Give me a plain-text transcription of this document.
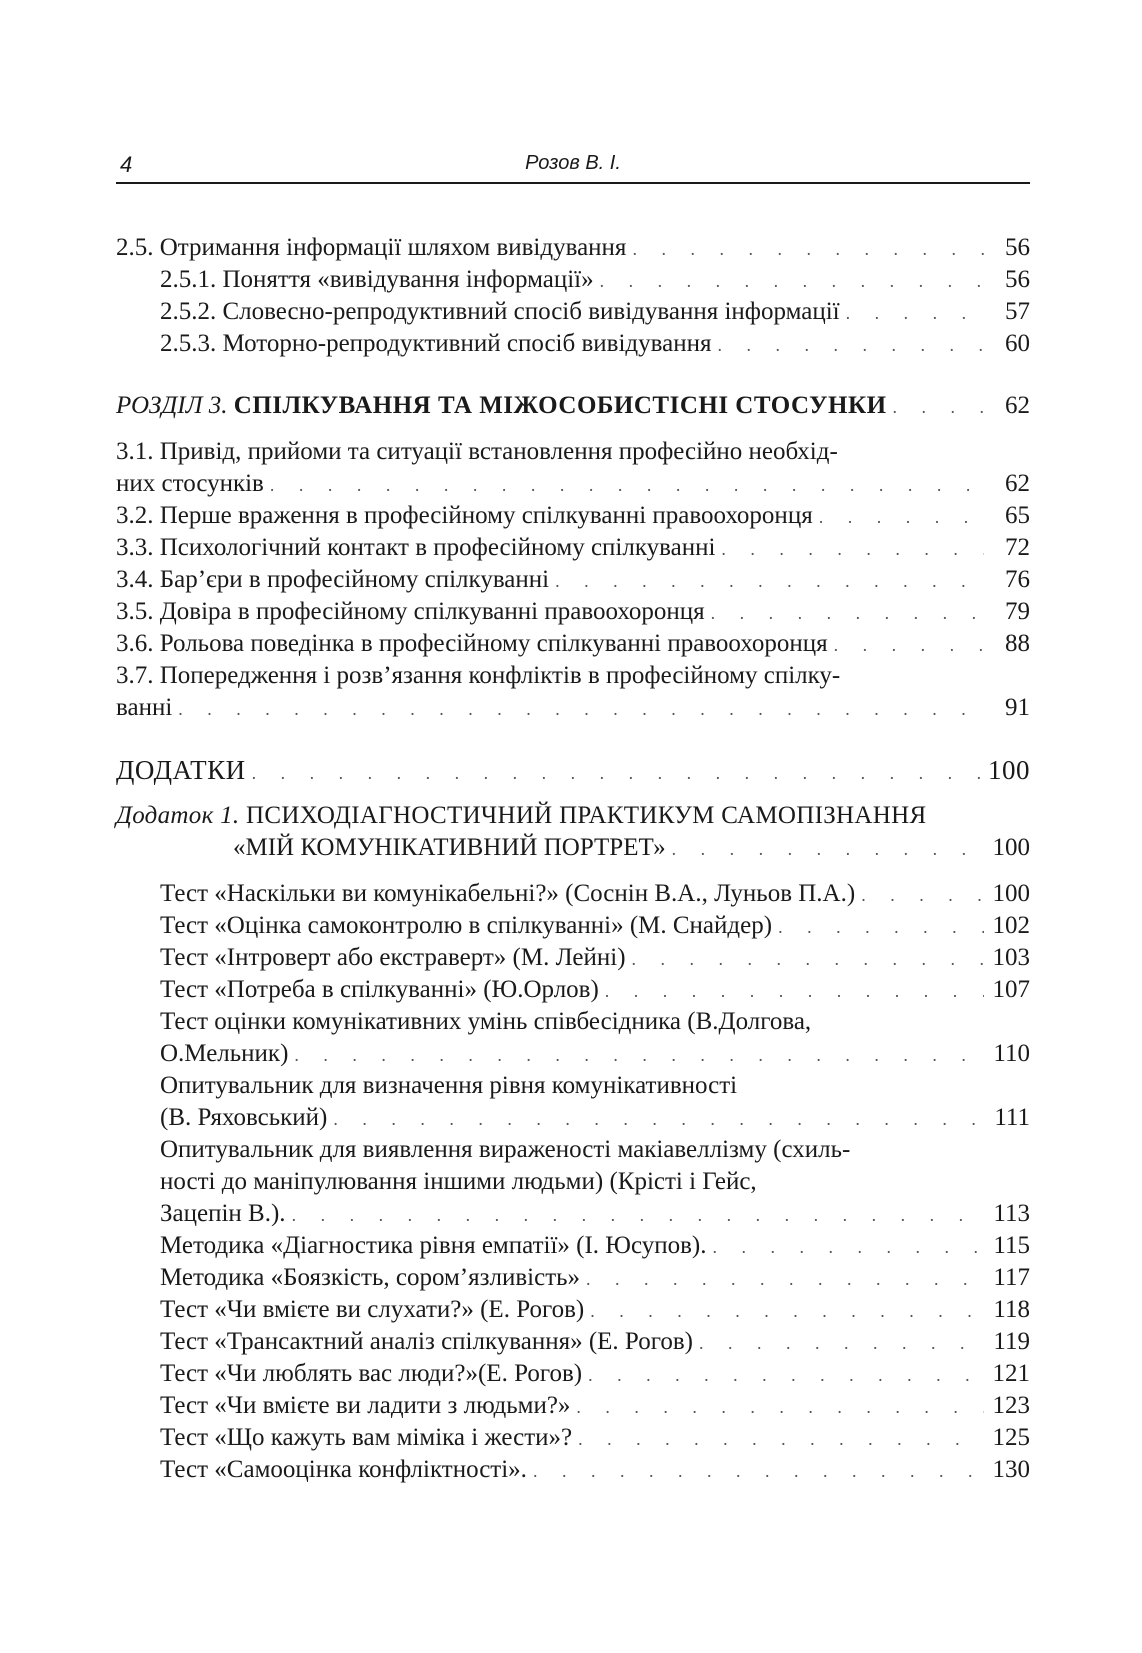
4	Розов В. І.
2.5. Отримання інформації шляхом вивідування . . .	56
2.5.1. Поняття «вивідування інформації» . . .	56
2.5.2. Словесно-репродуктивний спосіб вивідування інформації . . .	57
2.5.3. Моторно-репродуктивний спосіб вивідування . . .	60
РОЗДІЛ 3. СПІЛКУВАННЯ ТА МІЖОСОБИСТІСНІ СТОСУНКИ . . .	62
3.1. Привід, прийоми та ситуації встановлення професійно необхід-
них стосунків . . .	62
3.2. Перше враження в професійному спілкуванні правоохоронця . . .	65
3.3. Психологічний контакт в професійному спілкуванні . . .	72
3.4. Бар’єри в професійному спілкуванні . . .	76
3.5. Довіра в професійному спілкуванні правоохоронця . . .	79
3.6. Рольова поведінка в професійному спілкуванні правоохоронця . . .	88
3.7. Попередження і розв’язання конфліктів в професійному спілку-
ванні . . .	91
ДОДАТКИ . . .	100
Додаток 1. ПСИХОДІАГНОСТИЧНИЙ ПРАКТИКУМ САМОПІЗНАННЯ
«МІЙ КОМУНІКАТИВНИЙ ПОРТРЕТ» . . .	100
Тест «Наскільки ви комунікабельні?» (Соснін В.А., Луньов П.А.) . . .	100
Тест «Оцінка самоконтролю в спілкуванні» (М. Снайдер) . . .	102
Тест «Інтроверт або екстраверт» (М. Лейні) . . .	103
Тест «Потреба в спілкуванні» (Ю.Орлов) . . .	107
Тест оцінки комунікативних умінь співбесідника (В.Долгова,
О.Мельник) . . .	110
Опитувальник для визначення рівня комунікативності
(В. Ряховський) . . .	111
Опитувальник для виявлення вираженості макіавеллізму (схиль-
ності до маніпулювання іншими людьми) (Крісті і Гейс,
Зацепін В.). . . .	113
Методика «Діагностика рівня емпатії» (І. Юсупов). . . .	115
Методика «Боязкість, сором’язливість» . . .	117
Тест «Чи вмієте ви слухати?» (Е. Рогов) . . .	118
Тест «Трансактний аналіз спілкування» (Е. Рогов) . . .	119
Тест «Чи люблять вас люди?»(Е. Рогов) . . .	121
Тест «Чи вмієте ви ладити з людьми?» . . .	123
Тест «Що кажуть вам міміка і жести»? . . .	125
Тест «Самооцінка конфліктності». . . .	130
